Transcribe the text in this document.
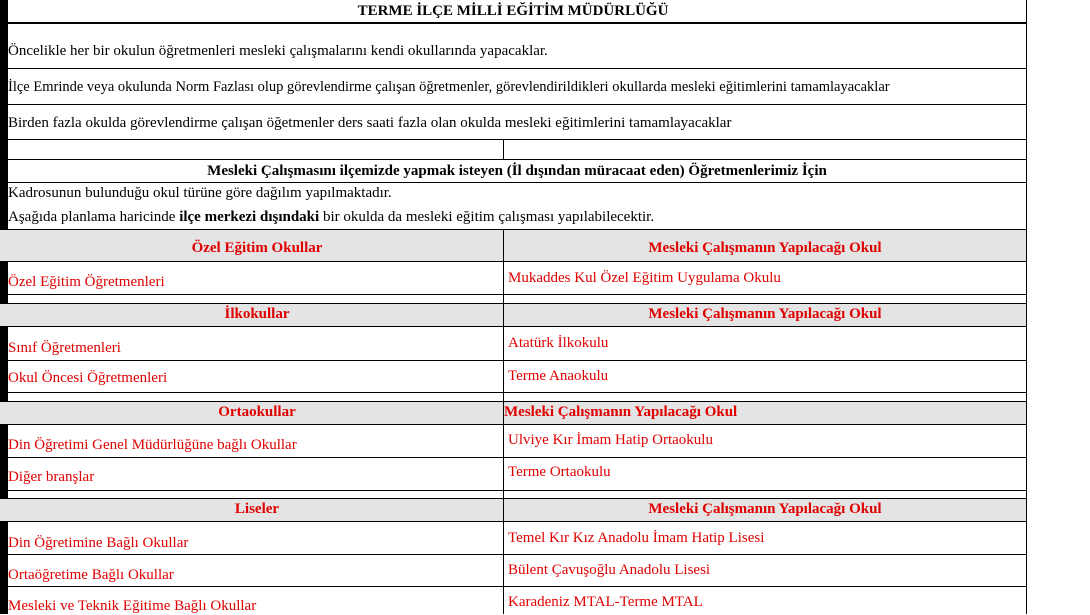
TERME İLÇE MİLLİ EĞİTİM MÜDÜRLÜĞÜ
Öncelikle her bir okulun öğretmenleri mesleki çalışmalarını kendi okullarında yapacaklar.
İlçe Emrinde veya okulunda Norm Fazlası olup görevlendirme çalışan öğretmenler, görevlendirildikleri okullarda mesleki eğitimlerini tamamlayacaklar
Birden fazla okulda görevlendirme çalışan öğetmenler ders saati fazla olan okulda mesleki eğitimlerini tamamlayacaklar
Mesleki Çalışmasını ilçemizde yapmak isteyen (İl dışından müracaat eden) Öğretmenlerimiz İçin
Kadrosunun bulunduğu okul türüne göre dağılım yapılmaktadır.
Aşağıda planlama haricinde ilçe merkezi dışındaki bir okulda da mesleki eğitim çalışması yapılabilecektir.
Özel Eğitim Okullar	Mesleki Çalışmanın Yapılacağı Okul
Özel Eğitim Öğretmenleri	Mukaddes Kul Özel Eğitim Uygulama Okulu
İlkokullar	Mesleki Çalışmanın Yapılacağı Okul
Sınıf Öğretmenleri	Atatürk İlkokulu
Okul Öncesi Öğretmenleri	Terme Anaokulu
Ortaokullar	Mesleki Çalışmanın Yapılacağı Okul
Din Öğretimi Genel Müdürlüğüne bağlı Okullar	Ulviye Kır İmam Hatip Ortaokulu
Diğer branşlar	Terme Ortaokulu
Liseler	Mesleki Çalışmanın Yapılacağı Okul
Din Öğretimine Bağlı Okullar	Temel Kır Kız Anadolu İmam Hatip Lisesi
Ortaöğretime Bağlı Okullar	Bülent Çavuşoğlu Anadolu Lisesi
Mesleki ve Teknik Eğitime Bağlı Okullar	Karadeniz MTAL-Terme MTAL
